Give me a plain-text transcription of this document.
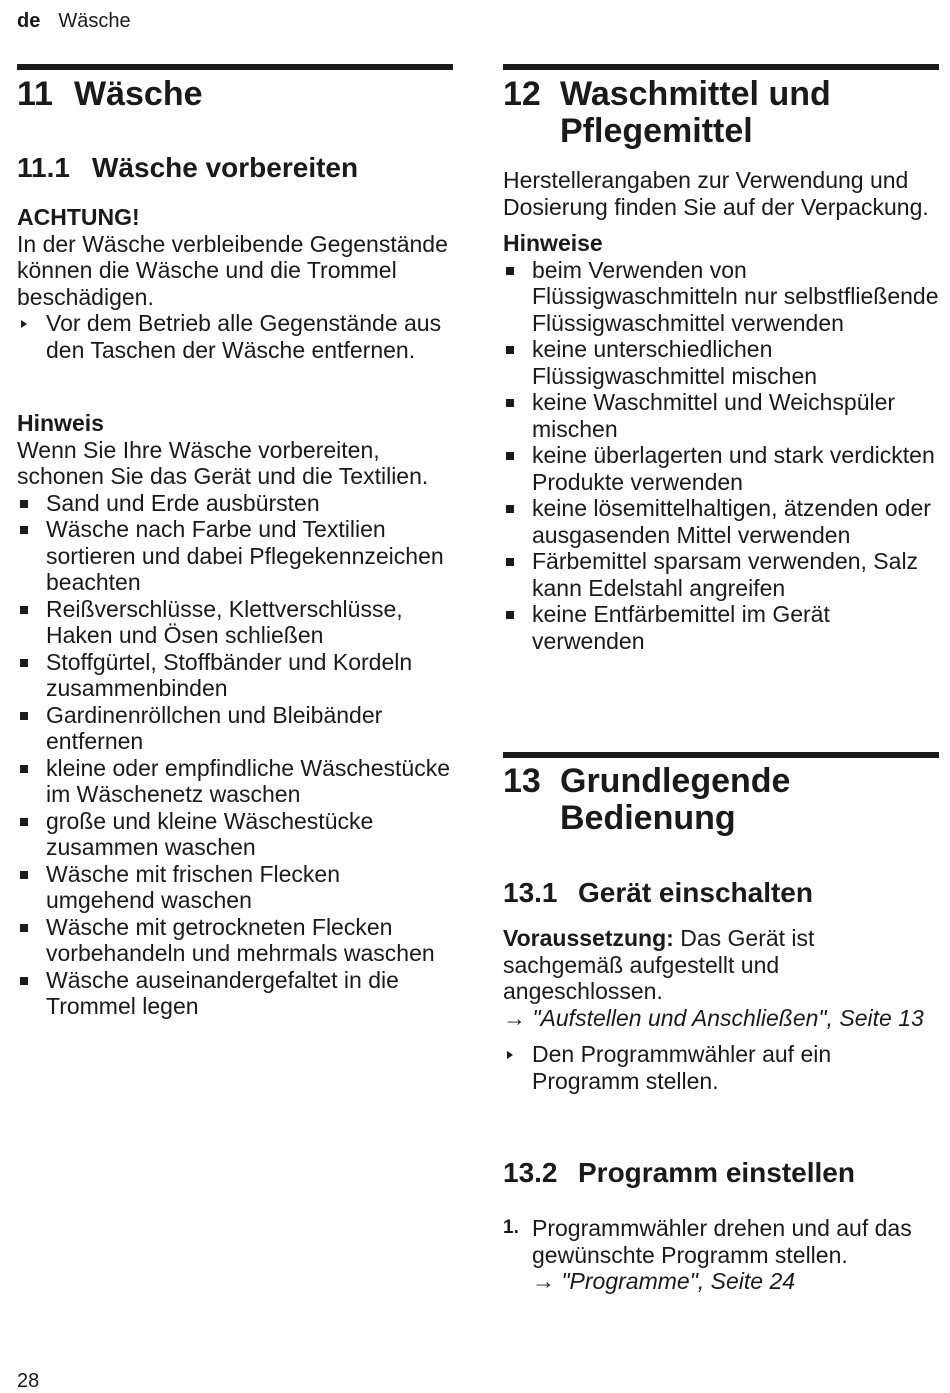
de Wäsche
11 Wäsche
11.1 Wäsche vorbereiten
ACHTUNG!

In der Wäsche verbleibende Gegenstände können die Wäsche und die Trommel beschädigen.

Vor dem Betrieb alle Gegenstände aus den Taschen der Wäsche entfernen.
Hinweis

Wenn Sie Ihre Wäsche vorbereiten, schonen Sie das Gerät und die Textilien.

Sand und Erde ausbürsten
Wäsche nach Farbe und Textilien sortieren und dabei Pflegekennzeichen beachten
Reißverschlüsse, Klettverschlüsse, Haken und Ösen schließen
Stoffgürtel, Stoffbänder und Kordeln zusammenbinden
Gardinenröllchen und Bleibänder entfernen
kleine oder empfindliche Wäschestücke im Wäschenetz waschen
große und kleine Wäschestücke zusammen waschen
Wäsche mit frischen Flecken umgehend waschen
Wäsche mit getrockneten Flecken vorbehandeln und mehrmals waschen
Wäsche auseinandergefaltet in die Trommel legen
12 Waschmittel und Pflegemittel

Herstellerangaben zur Verwendung und Dosierung finden Sie auf der Verpackung.

Hinweise
beim Verwenden von Flüssigwaschmitteln nur selbstfließende Flüssigwaschmittel verwenden
keine unterschiedlichen Flüssigwaschmittel mischen
keine Waschmittel und Weichspüler mischen
keine überlagerten und stark verdickten Produkte verwenden
keine lösemittelhaltigen, ätzenden oder ausgasenden Mittel verwenden
Färbemittel sparsam verwenden, Salz kann Edelstahl angreifen
keine Entfärbemittel im Gerät verwenden
13 Grundlegende Bedienung
13.1 Gerät einschalten

Voraussetzung: Das Gerät ist sachgemäß aufgestellt und angeschlossen.

→ "Aufstellen und Anschließen", Seite 13
Den Programmwähler auf ein Programm stellen.
13.2 Programm einstellen
1. Programmwähler drehen und auf das gewünschte Programm stellen.
→ "Programme", Seite 24
28
